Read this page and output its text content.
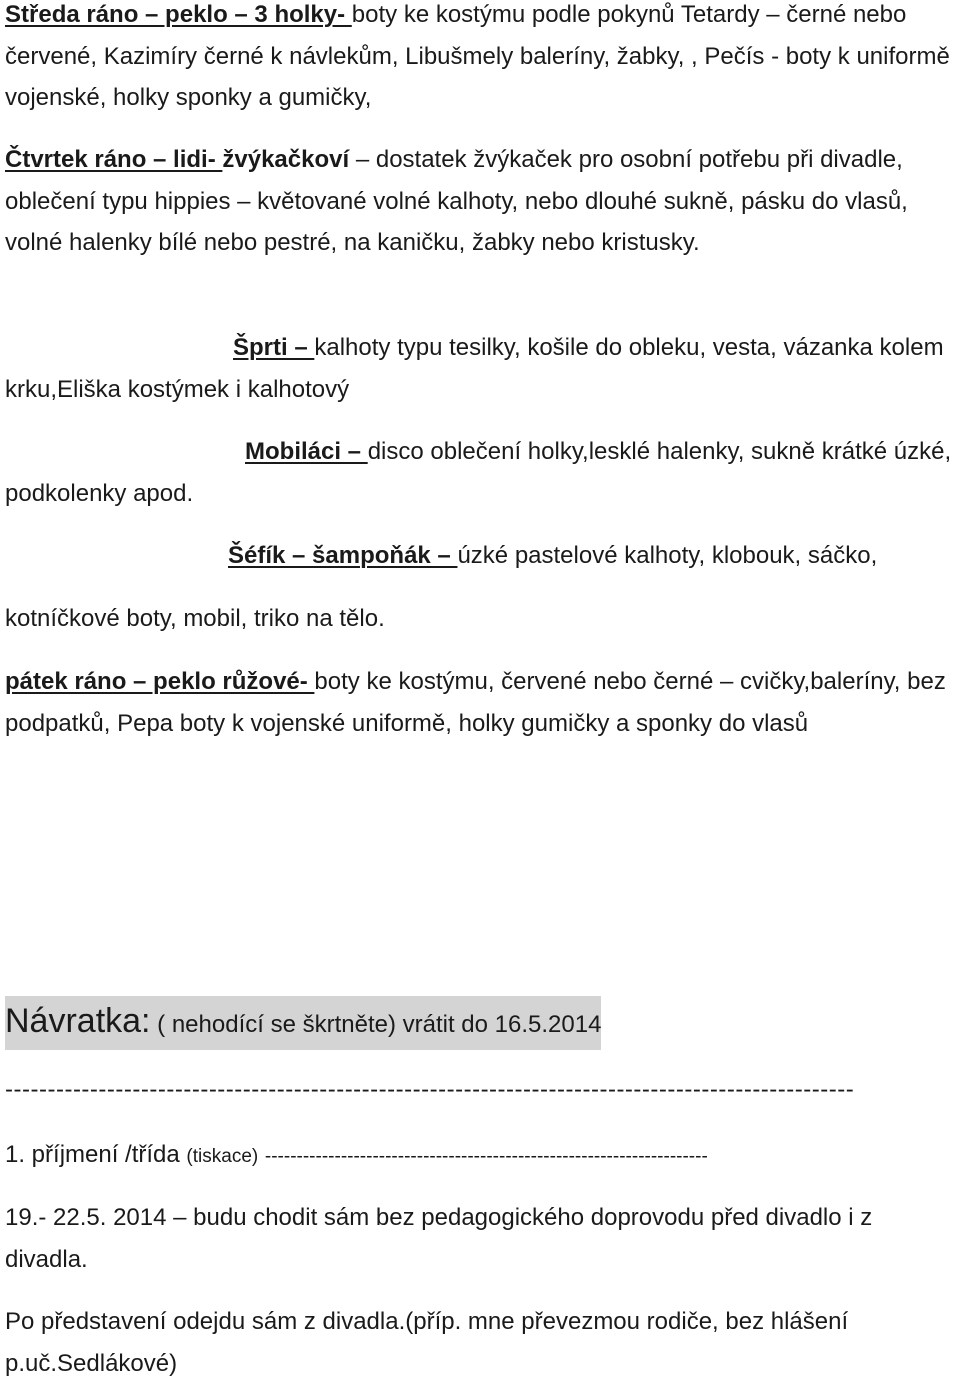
Středa ráno – peklo – 3 holky- boty ke kostýmu podle pokynů Tetardy – černé nebo červené, Kazimíry černé k návlekům, Libušmely baleríny, žabky, , Pečís - boty k uniformě vojenské, holky sponky a gumičky,

Čtvrtek ráno – lidi- žvýkačkoví – dostatek žvýkaček pro osobní potřebu při divadle, oblečení typu hippies – květované volné kalhoty, nebo dlouhé sukně, pásku do vlasů, volné halenky bílé nebo pestré, na kaničku, žabky nebo kristusky.

Šprti – kalhoty typu tesilky, košile do obleku, vesta, vázanka kolem krku,Eliška kostýmek i kalhotový

Mobiláci – disco oblečení holky,lesklé halenky, sukně krátké úzké, podkolenky apod.

Šéfík – šampoňák – úzké pastelové kalhoty, klobouk, sáčko,

kotníčkové boty, mobil, triko na tělo.

pátek ráno – peklo růžové- boty ke kostýmu, červené nebo černé – cvičky,baleríny, bez podpatků, Pepa boty k vojenské uniformě, holky gumičky a sponky do vlasů

Návratka: ( nehodící se škrtněte) vrátit do 16.5.2014

----------------------------------------------------------------------------------------------------

1. příjmení /třída (tiskace) ----------------------------------------------------------------------

19.- 22.5. 2014 – budu chodit sám bez pedagogického doprovodu před divadlo i z divadla.

Po představení odejdu sám z divadla.(příp. mne převezmou rodiče, bez hlášení p.uč.Sedlákové)
